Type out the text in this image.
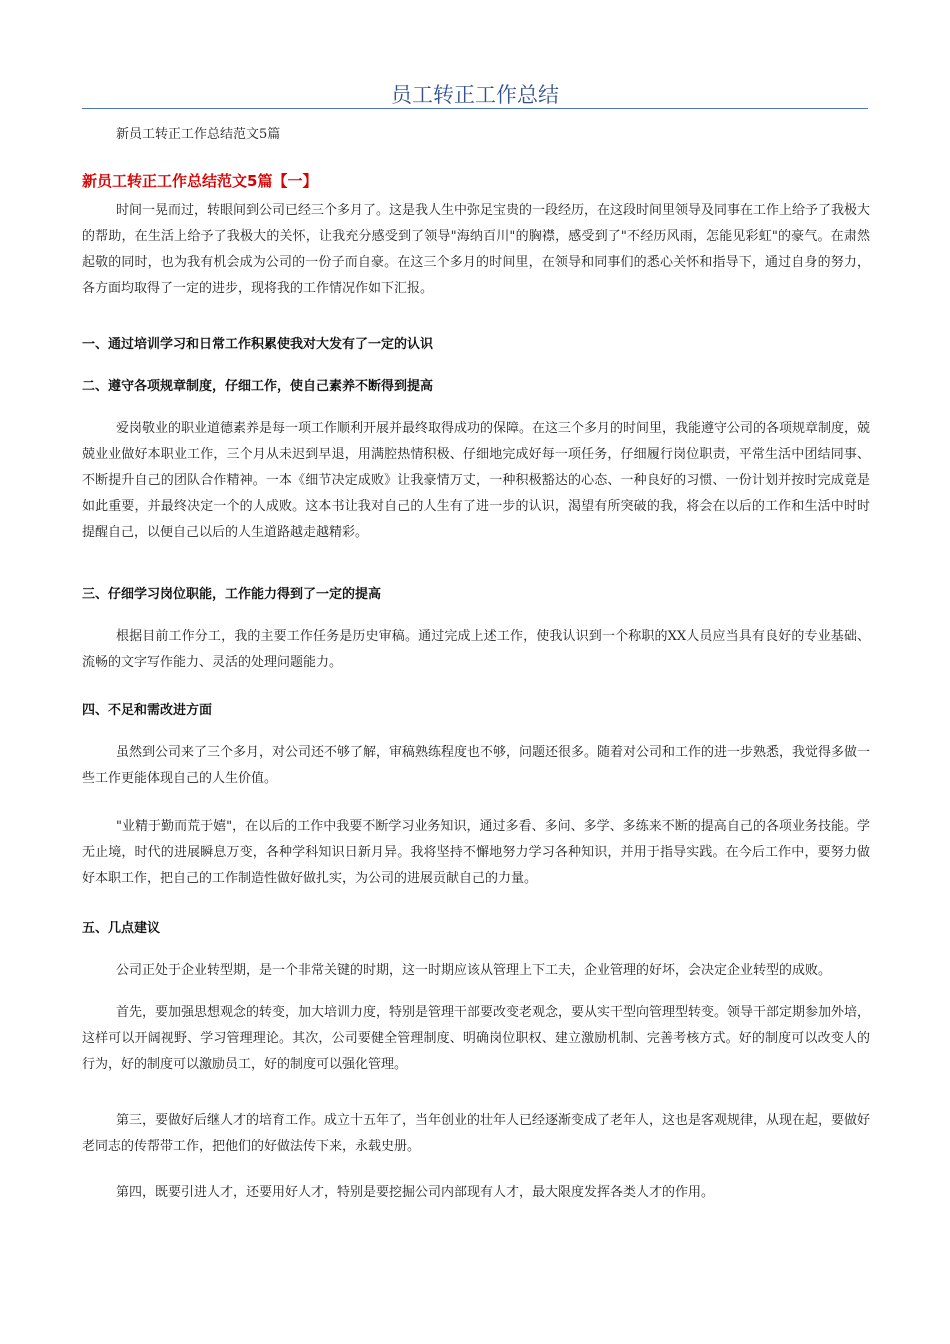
员工转正工作总结
新员工转正工作总结范文5篇
新员工转正工作总结范文5篇【一】

时间一晃而过，转眼间到公司已经三个多月了。这是我人生中弥足宝贵的一段经历，在这段时间里领导及同事在工作上给予了我极大的帮助，在生活上给予了我极大的关怀，让我充分感受到了领导"海纳百川"的胸襟，感受到了"不经历风雨，怎能见彩虹"的豪气。在肃然起敬的同时，也为我有机会成为公司的一份子而自豪。在这三个多月的时间里，在领导和同事们的悉心关怀和指导下，通过自身的努力，各方面均取得了一定的进步，现将我的工作情况作如下汇报。

一、通过培训学习和日常工作积累使我对大发有了一定的认识
二、遵守各项规章制度，仔细工作，使自己素养不断得到提高

爱岗敬业的职业道德素养是每一项工作顺利开展并最终取得成功的保障。在这三个多月的时间里，我能遵守公司的各项规章制度，兢兢业业做好本职业工作，三个月从未迟到早退，用满腔热情积极、仔细地完成好每一项任务，仔细履行岗位职责，平常生活中团结同事、不断提升自己的团队合作精神。一本《细节决定成败》让我豪情万丈，一种积极豁达的心态、一种良好的习惯、一份计划并按时完成竟是如此重要，并最终决定一个的人成败。这本书让我对自己的人生有了进一步的认识，渴望有所突破的我，将会在以后的工作和生活中时时提醒自己，以便自己以后的人生道路越走越精彩。

三、仔细学习岗位职能，工作能力得到了一定的提高

根据目前工作分工，我的主要工作任务是历史审稿。通过完成上述工作，使我认识到一个称职的XX人员应当具有良好的专业基础、流畅的文字写作能力、灵活的处理问题能力。

四、不足和需改进方面

虽然到公司来了三个多月，对公司还不够了解，审稿熟练程度也不够，问题还很多。随着对公司和工作的进一步熟悉，我觉得多做一些工作更能体现自己的人生价值。

"业精于勤而荒于嬉"，在以后的工作中我要不断学习业务知识，通过多看、多问、多学、多练来不断的提高自己的各项业务技能。学无止境，时代的进展瞬息万变，各种学科知识日新月异。我将坚持不懈地努力学习各种知识，并用于指导实践。在今后工作中，要努力做好本职工作，把自己的工作制造性做好做扎实，为公司的进展贡献自己的力量。

五、几点建议

公司正处于企业转型期，是一个非常关键的时期，这一时期应该从管理上下工夫，企业管理的好坏，会决定企业转型的成败。

首先，要加强思想观念的转变，加大培训力度，特别是管理干部要改变老观念，要从实干型向管理型转变。领导干部定期参加外培，这样可以开阔视野、学习管理理论。其次，公司要健全管理制度、明确岗位职权、建立激励机制、完善考核方式。好的制度可以改变人的行为，好的制度可以激励员工，好的制度可以强化管理。

第三，要做好后继人才的培育工作。成立十五年了，当年创业的壮年人已经逐渐变成了老年人，这也是客观规律，从现在起，要做好老同志的传帮带工作，把他们的好做法传下来，永载史册。

第四，既要引进人才，还要用好人才，特别是要挖掘公司内部现有人才，最大限度发挥各类人才的作用。
